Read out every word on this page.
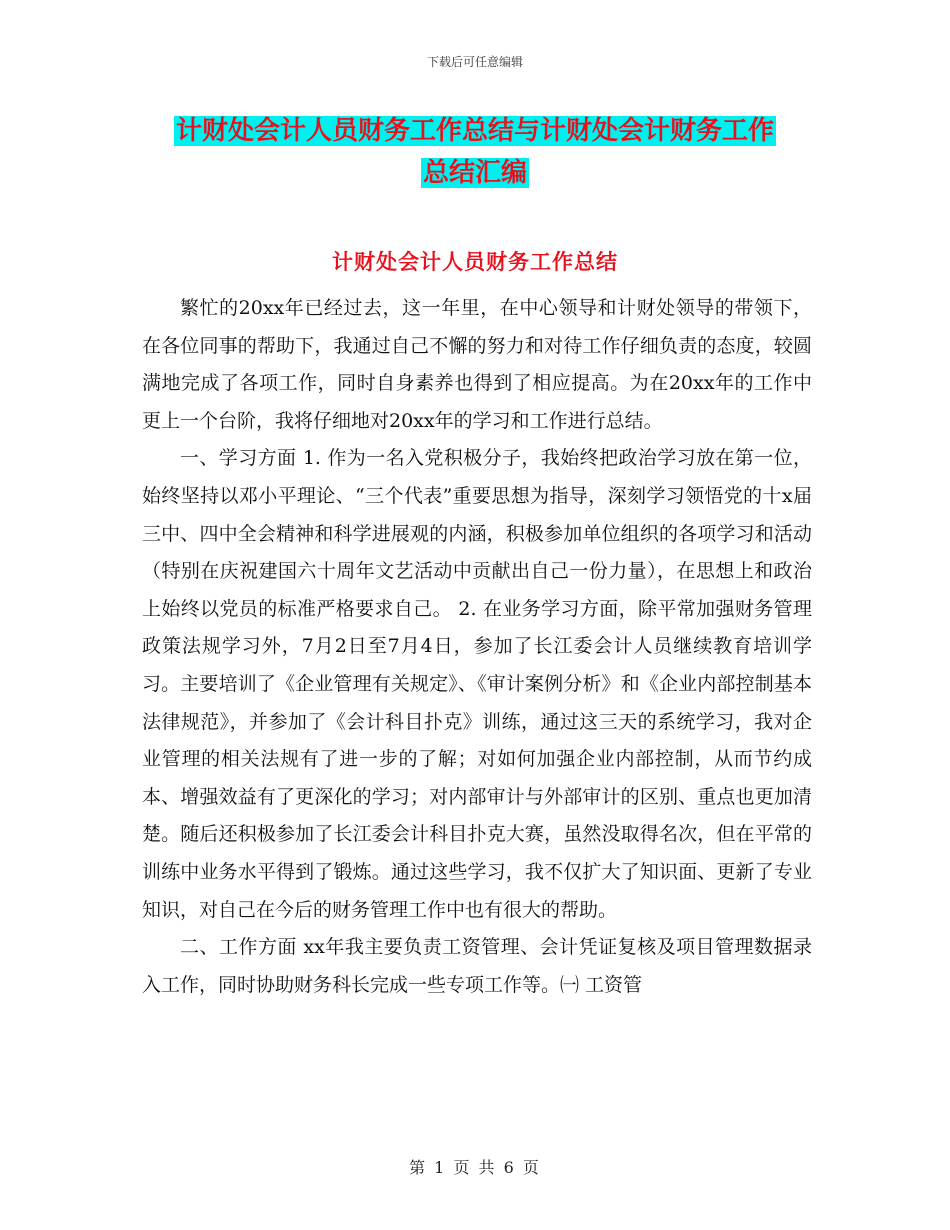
下载后可任意编辑
计财处会计人员财务工作总结与计财处会计财务工作
总结汇编
计财处会计人员财务工作总结

繁忙的20xx年已经过去，这一年里，在中心领导和计财处领导的带领下，在各位同事的帮助下，我通过自己不懈的努力和对待工作仔细负责的态度，较圆满地完成了各项工作，同时自身素养也得到了相应提高。为在20xx年的工作中更上一个台阶，我将仔细地对20xx年的学习和工作进行总结。

一、学习方面 1. 作为一名入党积极分子，我始终把政治学习放在第一位，始终坚持以邓小平理论、“三个代表”重要思想为指导，深刻学习领悟党的十x届三中、四中全会精神和科学进展观的内涵，积极参加单位组织的各项学习和活动（特别在庆祝建国六十周年文艺活动中贡献出自己一份力量），在思想上和政治上始终以党员的标准严格要求自己。 2. 在业务学习方面，除平常加强财务管理政策法规学习外，7月2日至7月4日，参加了长江委会计人员继续教育培训学习。主要培训了《企业管理有关规定》、《审计案例分析》和《企业内部控制基本法律规范》，并参加了《会计科目扑克》训练，通过这三天的系统学习，我对企业管理的相关法规有了进一步的了解；对如何加强企业内部控制，从而节约成本、增强效益有了更深化的学习；对内部审计与外部审计的区别、重点也更加清楚。随后还积极参加了长江委会计科目扑克大赛，虽然没取得名次，但在平常的训练中业务水平得到了锻炼。通过这些学习，我不仅扩大了知识面、更新了专业知识，对自己在今后的财务管理工作中也有很大的帮助。

二、工作方面 xx年我主要负责工资管理、会计凭证复核及项目管理数据录入工作，同时协助财务科长完成一些专项工作等。㈠ 工资管

第 1 页 共 6 页
